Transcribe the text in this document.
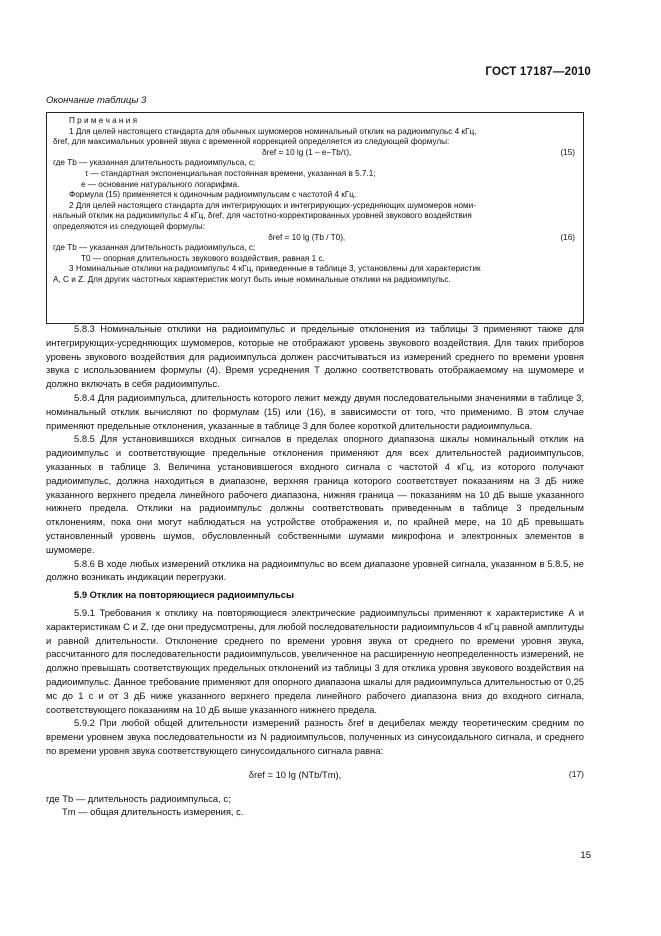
ГОСТ 17187—2010
Окончание таблицы 3
П р и м е ч а н и я
1 Для целей настоящего стандарта для обычных шумомеров номинальный отклик на радиоимпульс 4 кГц,
δref, для максимальных уровней звука с временной коррекцией определяется из следующей формулы:
δref = 10 lg (1 – e−Tb/τ),	(15)
где Tb — указанная длительность радиоимпульса, с;
τ — стандартная экспоненциальная постоянная времени, указанная в 5.7.1;
e — основание натурального логарифма.
Формула (15) применяется к одиночным радиоимпульсам с частотой 4 кГц.
2 Для целей настоящего стандарта для интегрирующих и интегрирующих-усредняющих шумомеров номи-
нальный отклик на радиоимпульс 4 кГц, δref, для частотно-корректированных уровней звукового воздействия
определяются из следующей формулы:
δref = 10 lg (Tb / T0),	(16)
где Tb — указанная длительность радиоимпульса, с;
T0 — опорная длительность звукового воздействия, равная 1 с.
3 Номинальные отклики на радиоимпульс 4 кГц, приведенные в таблице 3, установлены для характеристик
A, C и Z. Для других частотных характеристик могут быть иные номинальные отклики на радиоимпульс.

5.8.3 Номинальные отклики на радиоимпульс и предельные отклонения из таблицы 3 применяют также для интегрирующих-усредняющих шумомеров, которые не отображают уровень звукового воздействия. Для таких приборов уровень звукового воздействия для радиоимпульса должен рассчитываться из измерений среднего по времени уровня звука с использованием формулы (4). Время усреднения T должно соответствовать отображаемому на шумомере и должно включать в себя радиоимпульс.

5.8.4 Для радиоимпульса, длительность которого лежит между двумя последовательными значениями в таблице 3, номинальный отклик вычисляют по формулам (15) или (16), в зависимости от того, что применимо. В этом случае применяют предельные отклонения, указанные в таблице 3 для более короткой длительности радиоимпульса.

5.8.5 Для установившихся входных сигналов в пределах опорного диапазона шкалы номинальный отклик на радиоимпульс и соответствующие предельные отклонения применяют для всех длительностей радиоимпульсов, указанных в таблице 3. Величина установившегося входного сигнала с частотой 4 кГц, из которого получают радиоимпульс, должна находиться в диапазоне, верхняя граница которого соответствует показаниям на 3 дБ ниже указанного верхнего предела линейного рабочего диапазона, нижняя граница — показаниям на 10 дБ выше указанного нижнего предела. Отклики на радиоимпульс должны соответствовать приведенным в таблице 3 предельным отклонениям, пока они могут наблюдаться на устройстве отображения и, по крайней мере, на 10 дБ превышать установленный уровень шумов, обусловленный собственными шумами микрофона и электронных элементов в шумомере.

5.8.6 В ходе любых измерений отклика на радиоимпульс во всем диапазоне уровней сигнала, указанном в 5.8.5, не должно возникать индикации перегрузки.

5.9 Отклик на повторяющиеся радиоимпульсы

5.9.1 Требования к отклику на повторяющиеся электрические радиоимпульсы применяют к характеристике A и характеристикам C и Z, где они предусмотрены, для любой последовательности радиоимпульсов 4 кГц равной амплитуды и равной длительности. Отклонение среднего по времени уровня звука от среднего по времени уровня звука, рассчитанного для последовательности радиоимпульсов, увеличенное на расширенную неопределенность измерений, не должно превышать соответствующих предельных отклонений из таблицы 3 для отклика уровня звукового воздействия на радиоимпульс. Данное требование применяют для опорного диапазона шкалы для радиоимпульса длительностью от 0,25 мс до 1 с и от 3 дБ ниже указанного верхнего предела линейного рабочего диапазона вниз до входного сигнала, соответствующего показаниям на 10 дБ выше указанного нижнего предела.

5.9.2 При любой общей длительности измерений разность δref в децибелах между теоретическим средним по времени уровнем звука последовательности из N радиоимпульсов, полученных из синусоидального сигнала, и среднего по времени уровня звука соответствующего синусоидального сигнала равна:

δref = 10 lg (NTb/Tm),	(17)

где Tb — длительность радиоимпульса, с;

Tm — общая длительность измерения, с.

15
